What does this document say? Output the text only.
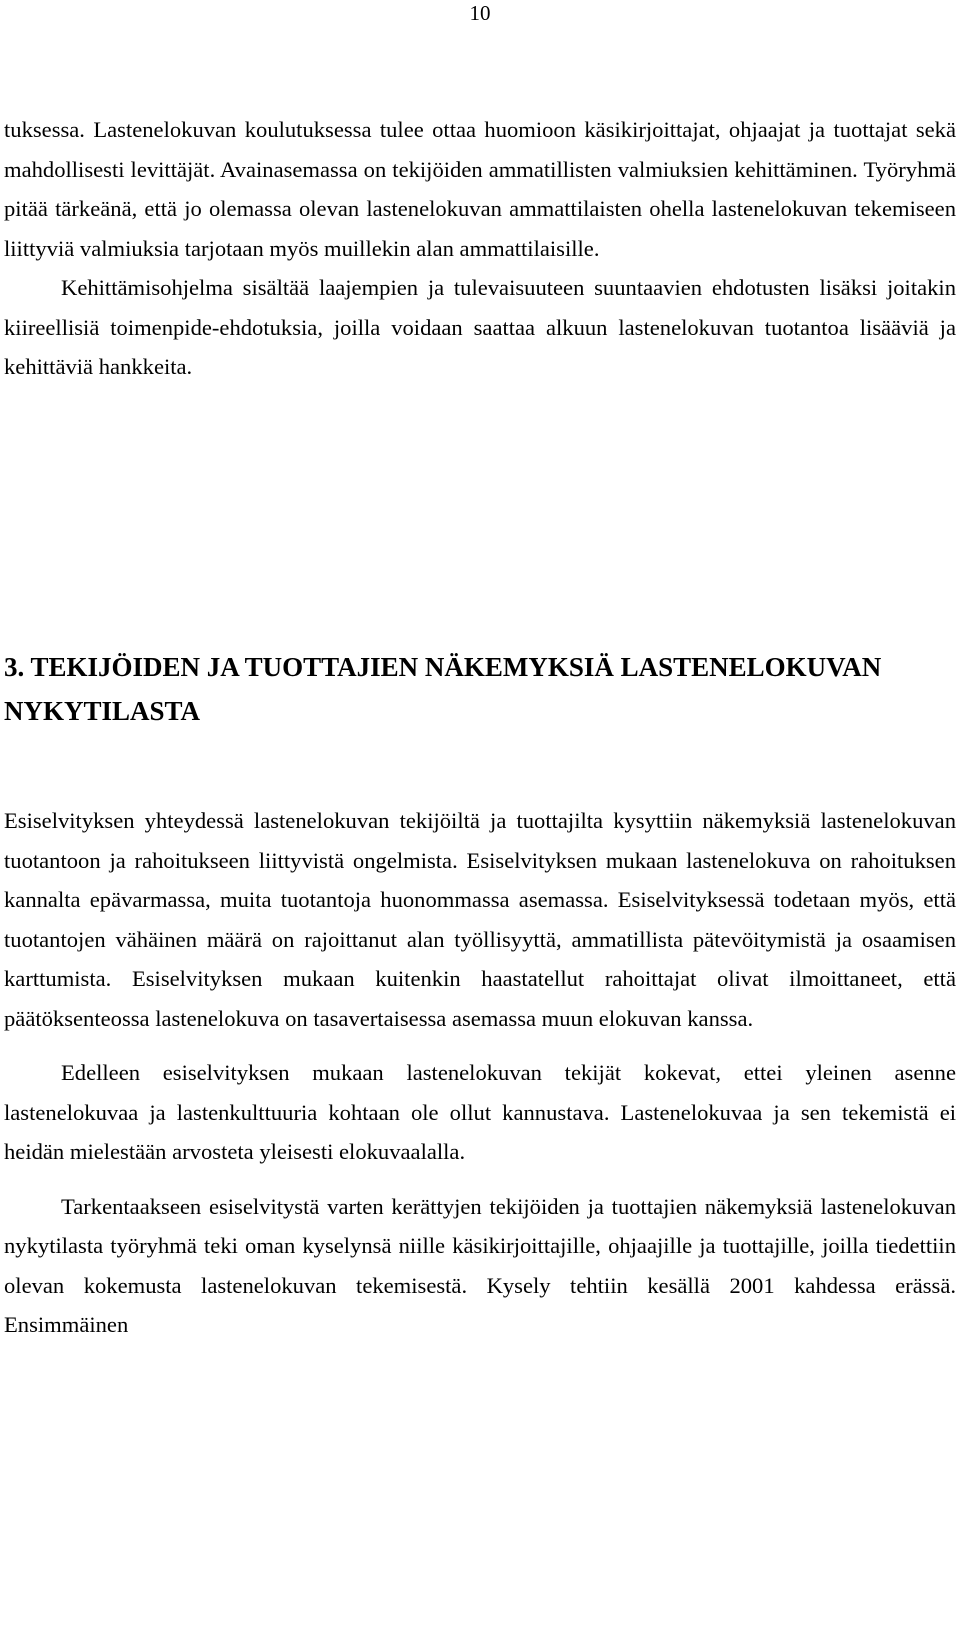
10

tuksessa. Lastenelokuvan koulutuksessa tulee ottaa huomioon käsikirjoittajat, ohjaajat ja tuottajat sekä mahdollisesti levittäjät. Avainasemassa on tekijöiden ammatillisten valmiuksien kehittäminen. Työryhmä pitää tärkeänä, että jo olemassa olevan lastenelokuvan ammattilaisten ohella lastenelokuvan tekemiseen liittyviä valmiuksia tarjotaan myös muillekin alan ammattilaisille.

Kehittämisohjelma sisältää laajempien ja tulevaisuuteen suuntaavien ehdotusten lisäksi joitakin kiireellisiä toimenpide-ehdotuksia, joilla voidaan saattaa alkuun lastenelokuvan tuotantoa lisääviä ja kehittäviä hankkeita.

3. TEKIJÖIDEN JA TUOTTAJIEN NÄKEMYKSIÄ LASTENELOKUVAN NYKYTILASTA

Esiselvityksen yhteydessä lastenelokuvan tekijöiltä ja tuottajilta kysyttiin näkemyksiä lastenelokuvan tuotantoon ja rahoitukseen liittyvistä ongelmista. Esiselvityksen mukaan lastenelokuva on rahoituksen kannalta epävarmassa, muita tuotantoja huonommassa asemassa. Esiselvityksessä todetaan myös, että tuotantojen vähäinen määrä on rajoittanut alan työllisyyttä, ammatillista pätevöitymistä ja osaamisen karttumista. Esiselvityksen mukaan kuitenkin haastatellut rahoittajat olivat ilmoittaneet, että päätöksenteossa lastenelokuva on tasavertaisessa asemassa muun elokuvan kanssa.

Edelleen esiselvityksen mukaan lastenelokuvan tekijät kokevat, ettei yleinen asenne lastenelokuvaa ja lastenkulttuuria kohtaan ole ollut kannustava. Lastenelokuvaa ja sen tekemistä ei heidän mielestään arvosteta yleisesti elokuvaalalla.

Tarkentaakseen esiselvitystä varten kerättyjen tekijöiden ja tuottajien näkemyksiä lastenelokuvan nykytilasta työryhmä teki oman kyselynsä niille käsikirjoittajille, ohjaajille ja tuottajille, joilla tiedettiin olevan kokemusta lastenelokuvan tekemisestä. Kysely tehtiin kesällä 2001 kahdessa erässä. Ensimmäinen
